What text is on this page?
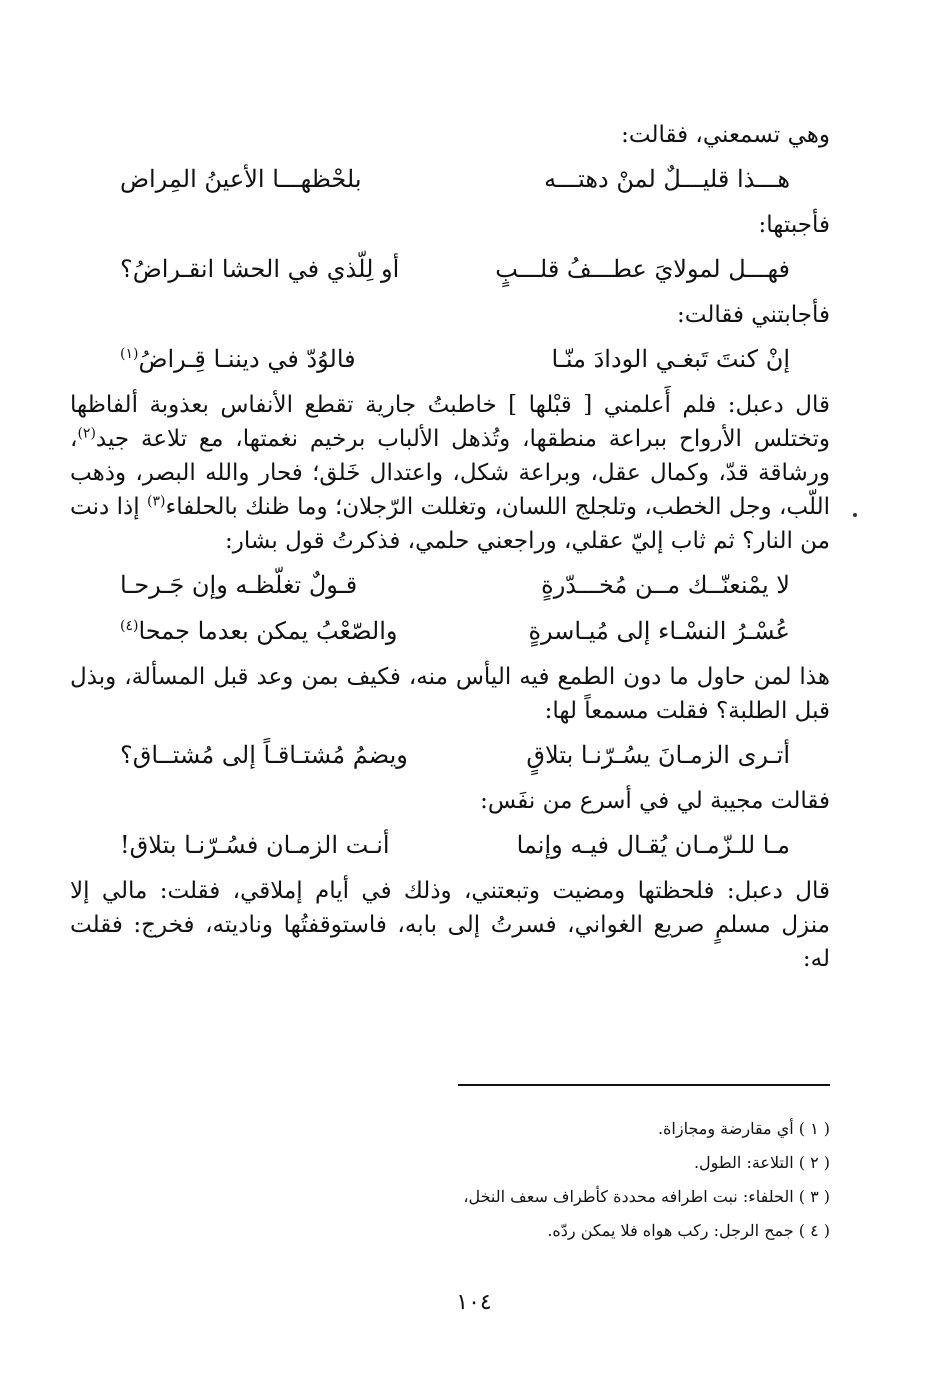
وهي تسمعني، فقالت:

هـــذا قليـــلٌ لمنْ دهتـــه
بلحْظهـــا الأعينُ المِراض

فأجبتها:

فهـــل لمولايَ عطـــفُ قلـــبٍ
أو لِلّذي في الحشا انقـراضُ؟

فأجابتني فقالت:

إنْ كنتَ تَبغـي الودادَ منّـا
فالوُدّ في ديننـا قِـراضُ$^{(١)}$

قال دعبل: فلم أَعلمني [ قبْلها ] خاطبتُ جارية تقطع الأنفاس بعذوبة ألفاظها وتختلس الأرواح ببراعة منطقها، وتُذهل الألباب برخيم نغمتها، مع تلاعة جيد$^{(٢)}$، ورشاقة قدّ، وكمال عقل، وبراعة شكل، واعتدال خَلق؛ فحار والله البصر، وذهب اللّب، وجل الخطب، وتلجلج اللسان، وتغللت الرّجلان؛ وما ظنك بالحلفاء$^{(٣)}$ إذا دنت من النار؟ ثم ثاب إليّ عقلي، وراجعني حلمي، فذكرتُ قول بشار:

لا يمْنعنّــك مــن مُخـــدّرةٍ
قـولٌ تغلّظـه وإن جَـرحـا
عُسْـرُ النسْـاء إلى مُيـاسرةٍ
والصّعْبُ يمكن بعدما جمحا$^{(٤)}$

هذا لمن حاول ما دون الطمع فيه اليأس منه، فكيف بمن وعد قبل المسألة، وبذل قبل الطلبة؟ فقلت مسمعاً لها:

أتـرى الزمـانَ يسُـرّنـا بتلاقٍ
ويضمُ مُشتـاقـاً إلى مُشتــاق؟

فقالت مجيبة لي في أسرع من نفَس:

مـا للـزّمـان يُقـال فيـه وإنما
أنـت الزمـان فسُـرّنـا بتلاق!

قال دعبل: فلحظتها ومضيت وتبعتني، وذلك في أيام إملاقي، فقلت: مالي إلا منزل مسلمٍ صريع الغواني، فسرتُ إلى بابه، فاستوقفتُها وناديته، فخرج: فقلت له:

( ١ ) أي مقارضة ومجازاة.
( ٢ ) التلاعة: الطول.
( ٣ ) الحلفاء: نبت اطرافه محددة كأطراف سعف النخل،
( ٤ ) جمح الرجل: ركب هواه فلا يمكن ردّه.
١٠٤
